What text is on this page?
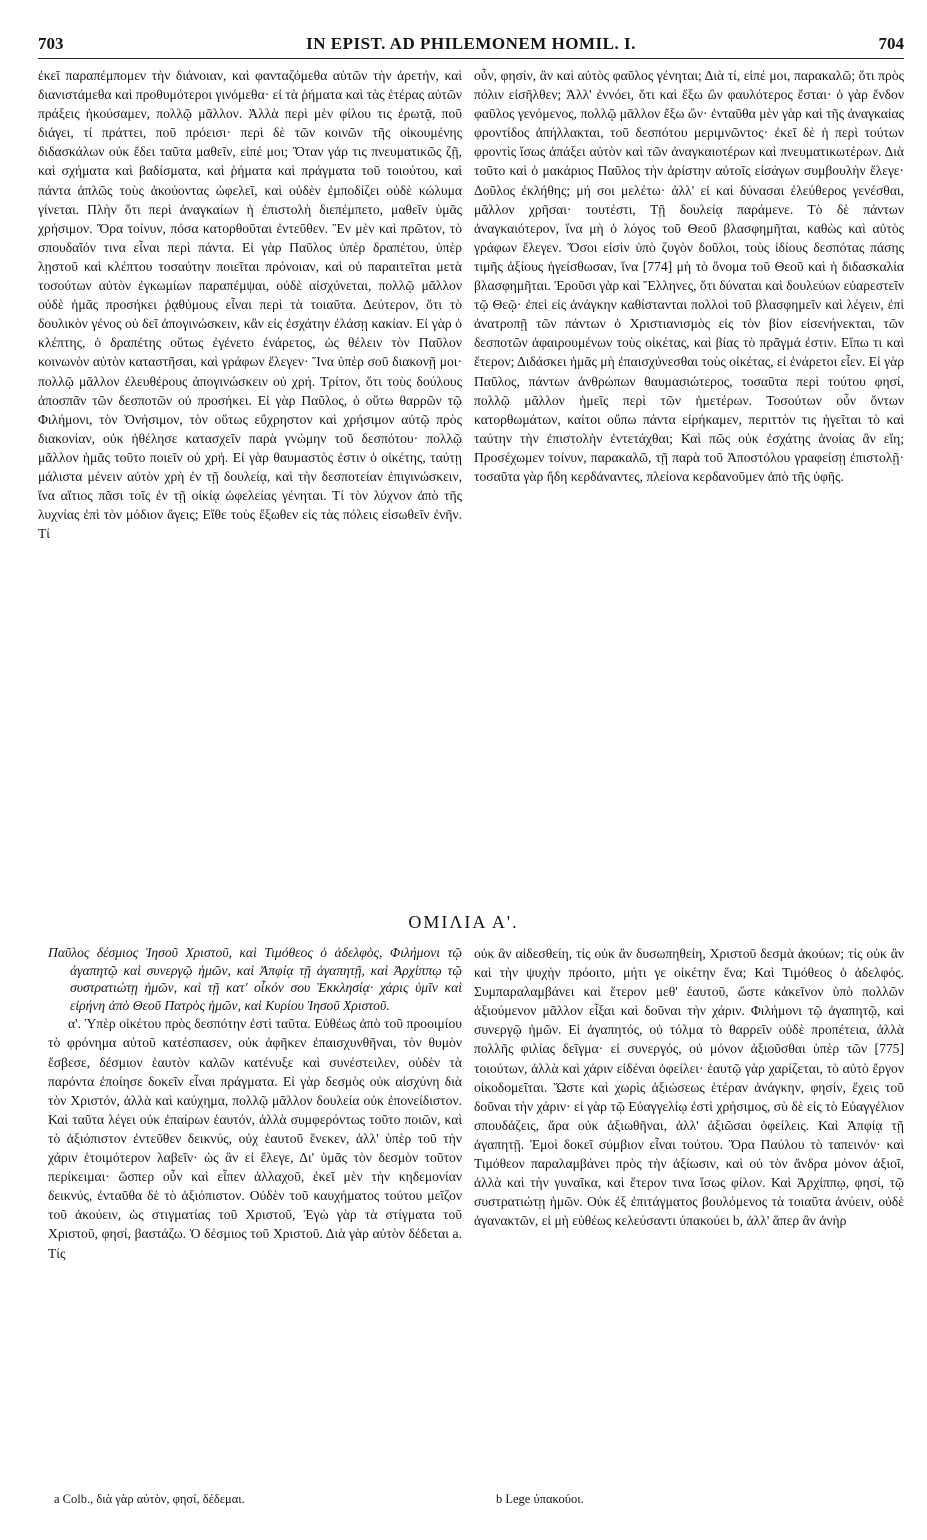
703	IN EPIST. AD PHILEMONEM HOMIL. I.	704

ἐκεῖ παραπέμπομεν τὴν διάνοιαν, καὶ φανταζόμεθα αὐτῶν τὴν ἀρετήν, καὶ διανιστάμεθα καὶ προθυμότεροι γινόμεθα· εἰ τὰ ῥήματα καὶ τὰς ἑτέρας αὐτῶν πράξεις ἠκούσαμεν, πολλῷ μᾶλλον. Ἀλλὰ περὶ μὲν φίλου τις ἐρωτᾷ, ποῦ διάγει, τί πράττει, ποῦ πρόεισι· περὶ δὲ τῶν κοινῶν τῆς οἰκουμένης διδασκάλων οὐκ ἔδει ταῦτα μαθεῖν, εἰπέ μοι; Ὅταν γάρ τις πνευματικῶς ζῇ, καὶ σχήματα καὶ βαδίσματα, καὶ ῥήματα καὶ πράγματα τοῦ τοιούτου, καὶ πάντα ἁπλῶς τοὺς ἀκούοντας ὠφελεῖ, καὶ οὐδὲν ἐμποδίζει οὐδὲ κώλυμα γίνεται. Πλὴν ὅτι περὶ ἀναγκαίων ἡ ἐπιστολὴ διεπέμπετο, μαθεῖν ὑμᾶς χρήσιμον. Ὅρα τοίνυν, πόσα κατορθοῦται ἐντεῦθεν. Ἓν μὲν καὶ πρῶτον, τὸ σπουδαῖόν τινα εἶναι περὶ πάντα. Εἰ γὰρ Παῦλος ὑπὲρ δραπέτου, ὑπὲρ λῃστοῦ καὶ κλέπτου τοσαύτην ποιεῖται πρόνοιαν, καὶ οὐ παραιτεῖται μετὰ τοσούτων αὐτὸν ἐγκωμίων παραπέμψαι, οὐδὲ αἰσχύνεται, πολλῷ μᾶλλον οὐδὲ ἡμᾶς προσήκει ῥᾳθύμους εἶναι περὶ τὰ τοιαῦτα. Δεύτερον, ὅτι τὸ δουλικὸν γένος οὐ δεῖ ἀπογινώσκειν, κἂν εἰς ἐσχάτην ἐλάσῃ κακίαν. Εἰ γὰρ ὁ κλέπτης, ὁ δραπέτης οὕτως ἐγένετο ἐνάρετος, ὡς θέλειν τὸν Παῦλον κοινωνὸν αὐτὸν καταστῆσαι, καὶ γράφων ἔλεγεν· Ἵνα ὑπὲρ σοῦ διακονῇ μοι· πολλῷ μᾶλλον ἐλευθέρους ἀπογινώσκειν οὐ χρή. Τρίτον, ὅτι τοὺς δούλους ἀποσπᾶν τῶν δεσποτῶν οὐ προσήκει. Εἰ γὰρ Παῦλος, ὁ οὕτω θαρρῶν τῷ Φιλήμονι, τὸν Ὀνήσιμον, τὸν οὕτως εὔχρηστον καὶ χρήσιμον αὐτῷ πρὸς διακονίαν, οὐκ ἠθέλησε κατασχεῖν παρὰ γνώμην τοῦ δεσπότου· πολλῷ μᾶλλον ἡμᾶς τοῦτο ποιεῖν οὐ χρή. Εἰ γὰρ θαυμαστὸς ἐστιν ὁ οἰκέτης, ταύτῃ μάλιστα μένειν αὐτὸν χρὴ ἐν τῇ δουλείᾳ, καὶ τὴν δεσποτείαν ἐπιγινώσκειν, ἵνα αἴτιος πᾶσι τοῖς ἐν τῇ οἰκίᾳ ὠφελείας γένηται. Τί τὸν λύχνον ἀπὸ τῆς λυχνίας ἐπὶ τὸν μόδιον ἄγεις; Εἴθε τοὺς ἔξωθεν εἰς τὰς πόλεις εἰσωθεῖν ἐνῆν. Τί

οὖν, φησίν, ἂν καὶ αὐτὸς φαῦλος γένηται; Διὰ τί, εἰπέ μοι, παρακαλῶ; ὅτι πρὸς πόλιν εἰσῆλθεν; Ἀλλ' ἐννόει, ὅτι καὶ ἔξω ὢν φαυλότερος ἔσται· ὁ γὰρ ἔνδον φαῦλος γενόμενος, πολλῷ μᾶλλον ἔξω ὤν· ἐνταῦθα μὲν γὰρ καὶ τῆς ἀναγκαίας φροντίδος ἀπήλλακται, τοῦ δεσπότου μεριμνῶντος· ἐκεῖ δὲ ἡ περὶ τούτων φροντὶς ἴσως ἀπάξει αὐτὸν καὶ τῶν ἀναγκαιοτέρων καὶ πνευματικωτέρων. Διὰ τοῦτο καὶ ὁ μακάριος Παῦλος τὴν ἀρίστην αὐτοῖς εἰσάγων συμβουλὴν ἔλεγε· Δοῦλος ἐκλήθης; μή σοι μελέτω· ἀλλ' εἰ καὶ δύνασαι ἐλεύθερος γενέσθαι, μᾶλλον χρῆσαι· τουτέστι, Τῇ δουλείᾳ παράμενε. Τὸ δὲ πάντων ἀναγκαιότερον, ἵνα μὴ ὁ λόγος τοῦ Θεοῦ βλασφημῆται, καθὼς καὶ αὐτὸς γράφων ἔλεγεν. Ὅσοι εἰσὶν ὑπὸ ζυγὸν δοῦλοι, τοὺς ἰδίους δεσπότας πάσης τιμῆς ἀξίους ἡγείσθωσαν, ἵνα [774] μὴ τὸ ὄνομα τοῦ Θεοῦ καὶ ἡ διδασκαλία βλασφημῆται. Ἐροῦσι γὰρ καὶ Ἕλληνες, ὅτι δύναται καὶ δουλεύων εὐαρεστεῖν τῷ Θεῷ· ἐπεὶ εἰς ἀνάγκην καθίστανται πολλοὶ τοῦ βλασφημεῖν καὶ λέγειν, ἐπὶ ἀνατροπῇ τῶν πάντων ὁ Χριστιανισμὸς εἰς τὸν βίον εἰσενήνεκται, τῶν δεσποτῶν ἀφαιρουμένων τοὺς οἰκέτας, καὶ βίας τὸ πρᾶγμά ἐστιν. Εἴπω τι καὶ ἕτερον; Διδάσκει ἡμᾶς μὴ ἐπαισχύνεσθαι τοὺς οἰκέτας, εἰ ἐνάρετοι εἶεν. Εἰ γὰρ Παῦλος, πάντων ἀνθρώπων θαυμασιώτερος, τοσαῦτα περὶ τούτου φησί, πολλῷ μᾶλλον ἡμεῖς περὶ τῶν ἡμετέρων. Τοσούτων οὖν ὄντων κατορθωμάτων, καίτοι οὔπω πάντα εἰρήκαμεν, περιττὸν τις ἡγεῖται τὸ καὶ ταύτην τὴν ἐπιστολὴν ἐντετάχθαι; Καὶ πῶς οὐκ ἐσχάτης ἀνοίας ἂν εἴη; Προσέχωμεν τοίνυν, παρακαλῶ, τῇ παρὰ τοῦ Ἀποστόλου γραφείσῃ ἐπιστολῇ· τοσαῦτα γὰρ ἤδη κερδάναντες, πλείονα κερδανοῦμεν ἀπὸ τῆς ὑφῆς.

ΟΜΙΛΙΑ Α'.

Παῦλος δέσμιος Ἰησοῦ Χριστοῦ, καὶ Τιμόθεος ὁ ἀδελφὸς, Φιλήμονι τῷ ἀγαπητῷ καὶ συνεργῷ ἡμῶν, καὶ Ἀπφίᾳ τῇ ἀγαπητῇ, καὶ Ἀρχίππῳ τῷ συστρατιώτῃ ἡμῶν, καὶ τῇ κατ' οἶκόν σου Ἐκκλησίᾳ· χάρις ὑμῖν καὶ εἰρήνη ἀπὸ Θεοῦ Πατρὸς ἡμῶν, καὶ Κυρίου Ἰησοῦ Χριστοῦ.

α'. Ὑπὲρ οἰκέτου πρὸς δεσπότην ἐστὶ ταῦτα. Εὐθέως ἀπὸ τοῦ προοιμίου τὸ φρόνημα αὐτοῦ κατέσπασεν, οὐκ ἀφῆκεν ἐπαισχυνθῆναι, τὸν θυμὸν ἔσβεσε, δέσμιον ἑαυτὸν καλῶν κατένυξε καὶ συνέστειλεν, οὐδὲν τὰ παρόντα ἐποίησε δοκεῖν εἶναι πράγματα. Εἰ γὰρ δεσμὸς οὐκ αἰσχύνη διὰ τὸν Χριστόν, ἀλλὰ καὶ καύχημα, πολλῷ μᾶλλον δουλεία οὐκ ἐπονείδιστον. Καὶ ταῦτα λέγει οὐκ ἐπαίρων ἑαυτόν, ἀλλὰ συμφερόντως τοῦτο ποιῶν, καὶ τὸ ἀξιόπιστον ἐντεῦθεν δεικνύς, οὐχ ἑαυτοῦ ἕνεκεν, ἀλλ' ὑπὲρ τοῦ τὴν χάριν ἑτοιμότερον λαβεῖν· ὡς ἂν εἰ ἔλεγε, Δι' ὑμᾶς τὸν δεσμὸν τοῦτον περίκειμαι· ὥσπερ οὖν καὶ εἶπεν ἀλλαχοῦ, ἐκεῖ μὲν τὴν κηδεμονίαν δεικνύς, ἐνταῦθα δὲ τὸ ἀξιόπιστον. Οὐδὲν τοῦ καυχήματος τούτου μεῖζον τοῦ ἀκούειν, ὡς στιγματίας τοῦ Χριστοῦ, Ἐγὼ γὰρ τὰ στίγματα τοῦ Χριστοῦ, φησί, βαστάζω. Ὁ δέσμιος τοῦ Χριστοῦ. Διὰ γὰρ αὐτὸν δέδεται a. Τίς

οὐκ ἂν αἰδεσθείη, τίς οὐκ ἂν δυσωπηθείη, Χριστοῦ δεσμὰ ἀκούων; τίς οὐκ ἂν καὶ τὴν ψυχὴν πρόοιτο, μήτι γε οἰκέτην ἕνα; Καὶ Τιμόθεος ὁ ἀδελφός. Συμπαραλαμβάνει καὶ ἕτερον μεθ' ἑαυτοῦ, ὥστε κἀκεῖνον ὑπὸ πολλῶν ἀξιούμενον μᾶλλον εἶξαι καὶ δοῦναι τὴν χάριν. Φιλήμονι τῷ ἀγαπητῷ, καὶ συνεργῷ ἡμῶν. Εἰ ἀγαπητός, οὐ τόλμα τὸ θαρρεῖν οὐδὲ προπέτεια, ἀλλὰ πολλῆς φιλίας δεῖγμα· εἰ συνεργός, οὐ μόνον ἀξιοῦσθαι ὑπὲρ τῶν [775] τοιούτων, ἀλλὰ καὶ χάριν εἰδέναι ὀφείλει· ἑαυτῷ γὰρ χαρίζεται, τὸ αὐτὸ ἔργον οἰκοδομεῖται. Ὥστε καὶ χωρὶς ἀξιώσεως ἑτέραν ἀνάγκην, φησίν, ἔχεις τοῦ δοῦναι τὴν χάριν· εἰ γὰρ τῷ Εὐαγγελίῳ ἐστὶ χρήσιμος, σὺ δὲ εἰς τὸ Εὐαγγέλιον σπουδάζεις, ἄρα οὐκ ἀξιωθῆναι, ἀλλ' ἀξιῶσαι ὀφείλεις. Καὶ Ἀπφίᾳ τῇ ἀγαπητῇ. Ἐμοὶ δοκεῖ σύμβιον εἶναι τούτου. Ὅρα Παύλου τὸ ταπεινόν· καὶ Τιμόθεον παραλαμβάνει πρὸς τὴν ἀξίωσιν, καὶ οὐ τὸν ἄνδρα μόνον ἀξιοῖ, ἀλλὰ καὶ τὴν γυναῖκα, καὶ ἕτερον τινα ἴσως φίλον. Καὶ Ἀρχίππῳ, φησί, τῷ συστρατιώτῃ ἡμῶν. Οὐκ ἐξ ἐπιτάγματος βουλόμενος τὰ τοιαῦτα ἀνύειν, οὐδὲ ἀγανακτῶν, εἰ μὴ εὐθέως κελεύσαντι ὑπακούει b, ἀλλ' ἅπερ ἂν ἀνὴρ

a Colb., διὰ γὰρ αὐτὸν, φησί, δέδεμαι.	b Lege ὑπακούοι.
